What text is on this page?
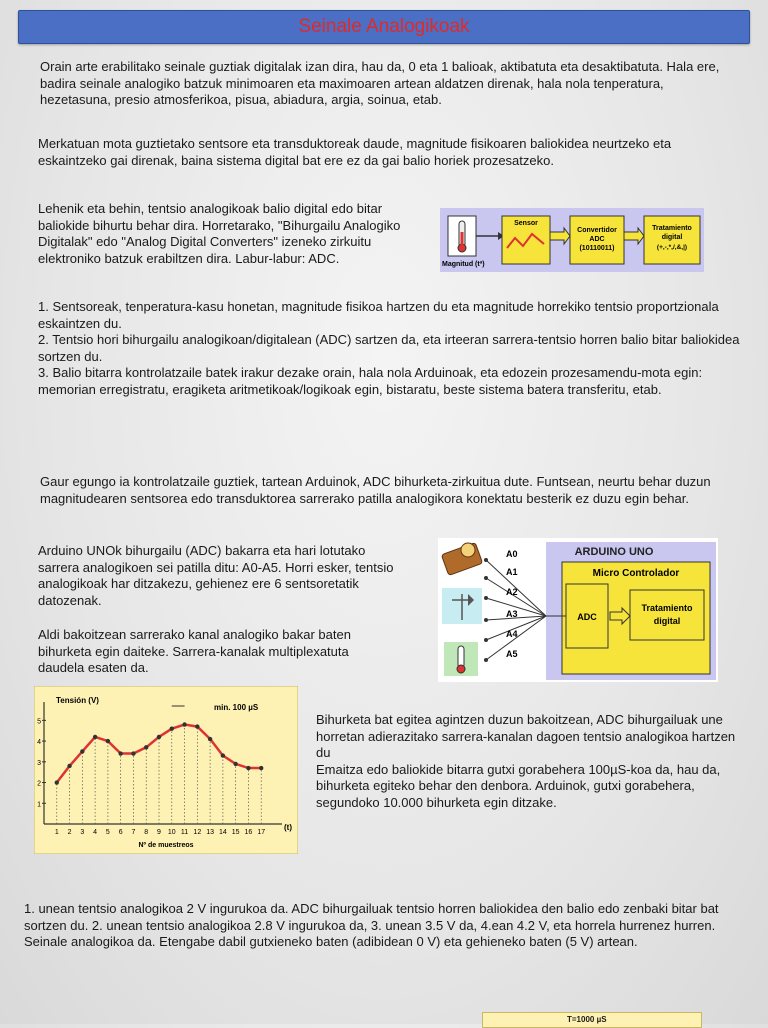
Seinale Analogikoak

Orain arte erabilitako seinale guztiak digitalak izan dira, hau da, 0 eta 1 balioak, aktibatuta eta desaktibatuta. Hala ere, badira seinale analogiko batzuk minimoaren eta maximoaren artean aldatzen direnak, hala nola tenperatura, hezetasuna, presio atmosferikoa, pisua, abiadura, argia, soinua, etab.

Merkatuan mota guztietako sentsore eta transduktoreak daude, magnitude fisikoaren baliokidea neurtzeko eta eskaintzeko gai direnak, baina sistema digital bat ere ez da gai balio horiek prozesatzeko.

Lehenik eta behin, tentsio analogikoak balio digital edo bitar baliokide bihurtu behar dira. Horretarako, "Bihurgailu Analogiko Digitalak" edo "Analog Digital Converters" izeneko zirkuitu elektroniko batzuk erabiltzen dira. Labur-labur: ADC.

1. Sentsoreak, tenperatura-kasu honetan, magnitude fisikoa hartzen du eta magnitude horrekiko tentsio proportzionala eskaintzen du.
2. Tentsio hori bihurgailu analogikoan/digitalean (ADC) sartzen da, eta irteeran sarrera-tentsio horren balio bitar baliokidea sortzen du.
3. Balio bitarra kontrolatzaile batek irakur dezake orain, hala nola Arduinoak, eta edozein prozesamendu-mota egin: memorian erregistratu, eragiketa aritmetikoak/logikoak egin, bistaratu, beste sistema batera transferitu, etab.

Gaur egungo ia kontrolatzaile guztiek, tartean Arduinok, ADC bihurketa-zirkuitua dute. Funtsean, neurtu behar duzun magnitudearen sentsorea edo transduktorea sarrerako patilla analogikora konektatu besterik ez duzu egin behar.

Arduino UNOk bihurgailu (ADC) bakarra eta hari lotutako sarrera analogikoen sei patilla ditu: A0-A5. Horri esker, tentsio analogikoak har ditzakezu, gehienez ere 6 sentsoretatik datozenak.

Aldi bakoitzean sarrerako kanal analogiko bakar baten bihurketa egin daiteke. Sarrera-kanalak multiplexatuta daudela esaten da.

Bihurketa bat egitea agintzen duzun bakoitzean, ADC bihurgailuak une horretan adierazitako sarrera-kanalan dagoen tentsio analogikoa hartzen du
Emaitza edo baliokide bitarra gutxi gorabehera 100µS-koa da, hau da, bihurketa egiteko behar den denbora. Arduinok, gutxi gorabehera, segundoko 10.000 bihurketa egin ditzake.

1. unean tentsio analogikoa 2 V ingurukoa da. ADC bihurgailuak tentsio horren baliokidea den balio edo zenbaki bitar bat sortzen du. 2. unean tentsio analogikoa 2.8 V ingurukoa da, 3. unean 3.5 V da, 4.ean 4.2 V, eta horrela hurrenez hurren. Seinale analogikoa da. Etengabe dabil gutxieneko baten (adibidean 0 V) eta gehieneko baten (5 V) artean.

Magnitud (tª)
Sensor
Convertidor
ADC
(10110011)
Tratamiento
digital
(+,-,*,/,&,|)
A0
A1
A2
A3
A4
A5
ARDUINO UNO
Micro Controlador
ADC
Tratamiento
digital
Tensión (V)
Nº de muestreos
(t)
min. 100 µS
1 2 3 4 5 6 7 8 9 10 11 12 13 14 15 16 17
1
2
3
4
5
T=1000 µS
